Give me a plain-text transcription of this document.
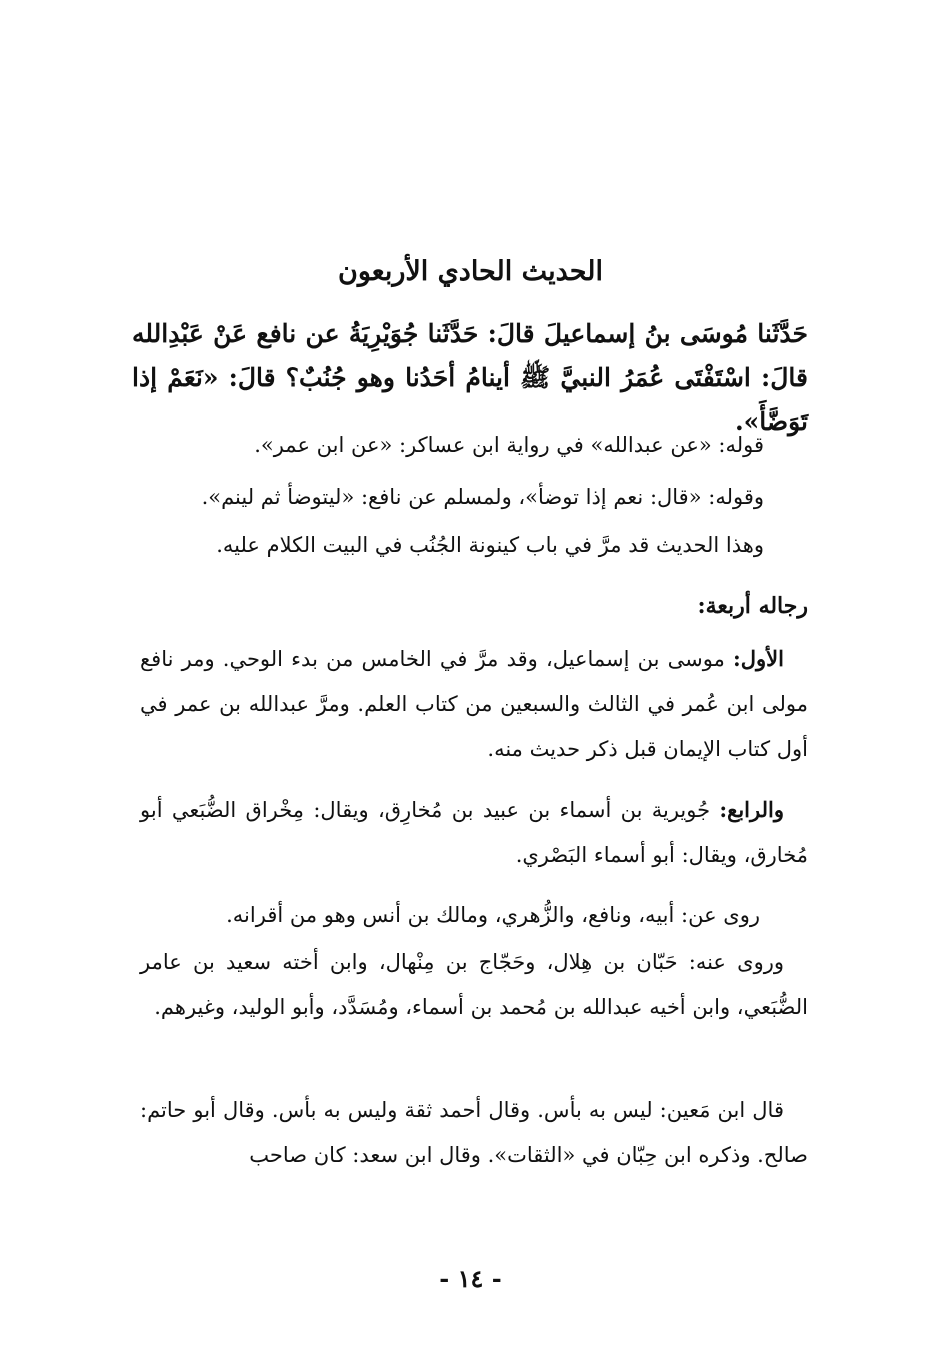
الحديث الحادي الأربعون
حَدَّثَنا مُوسَى بنُ إسماعيلَ قالَ: حَدَّثَنا جُوَيْرِيَةُ عن نافع عَنْ عَبْدِالله قالَ: اسْتَفْتَى عُمَرُ النبيَّ ﷺ أينامُ أحَدُنا وهو جُنُبٌ؟ قالَ: «نَعَمْ إذا تَوَضَّأَ».
قوله: «عن عبدالله» في رواية ابن عساكر: «عن ابن عمر».
وقوله: «قال: نعم إذا توضأ»، ولمسلم عن نافع: «ليتوضأ ثم لينم».
وهذا الحديث قد مرَّ في باب كينونة الجُنُب في البيت الكلام عليه.
رجاله أربعة:
الأول: موسى بن إسماعيل، وقد مرَّ في الخامس من بدء الوحي. ومر نافع مولى ابن عُمر في الثالث والسبعين من كتاب العلم. ومرَّ عبدالله بن عمر في أول كتاب الإيمان قبل ذكر حديث منه.
والرابع: جُويرية بن أسماء بن عبيد بن مُخارِق، ويقال: مِخْراق الضُّبَعي أبو مُخارق، ويقال: أبو أسماء البَصْري.
روى عن: أبيه، ونافع، والزُّهري، ومالك بن أنس وهو من أقرانه.
وروى عنه: حَبّان بن هِلال، وحَجّاج بن مِنْهال، وابن أخته سعيد بن عامر الضُّبَعي، وابن أخيه عبدالله بن مُحمد بن أسماء، ومُسَدَّد، وأبو الوليد، وغيرهم.
قال ابن مَعين: ليس به بأس. وقال أحمد ثقة وليس به بأس. وقال أبو حاتم: صالح. وذكره ابن حِبّان في «الثقات». وقال ابن سعد: كان صاحب
- ١٤ -
